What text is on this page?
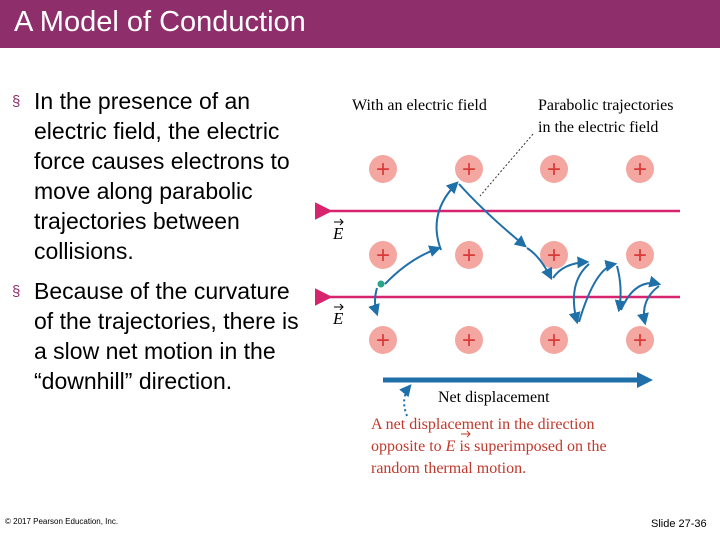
A Model of Conduction
§ In the presence of an electric field, the electric force causes electrons to move along parabolic trajectories between collisions.
§ Because of the curvature of the trajectories, there is a slow net motion in the “downhill” direction.
With an electric field	Parabolic trajectories
in the electric field
E
E
+	+	+	+
+	+	+	+
+	+	+	+
Net displacement
A net displacement in the direction
opposite to E is superimposed on the
random thermal motion.
© 2017 Pearson Education, Inc.	Slide 27-36
